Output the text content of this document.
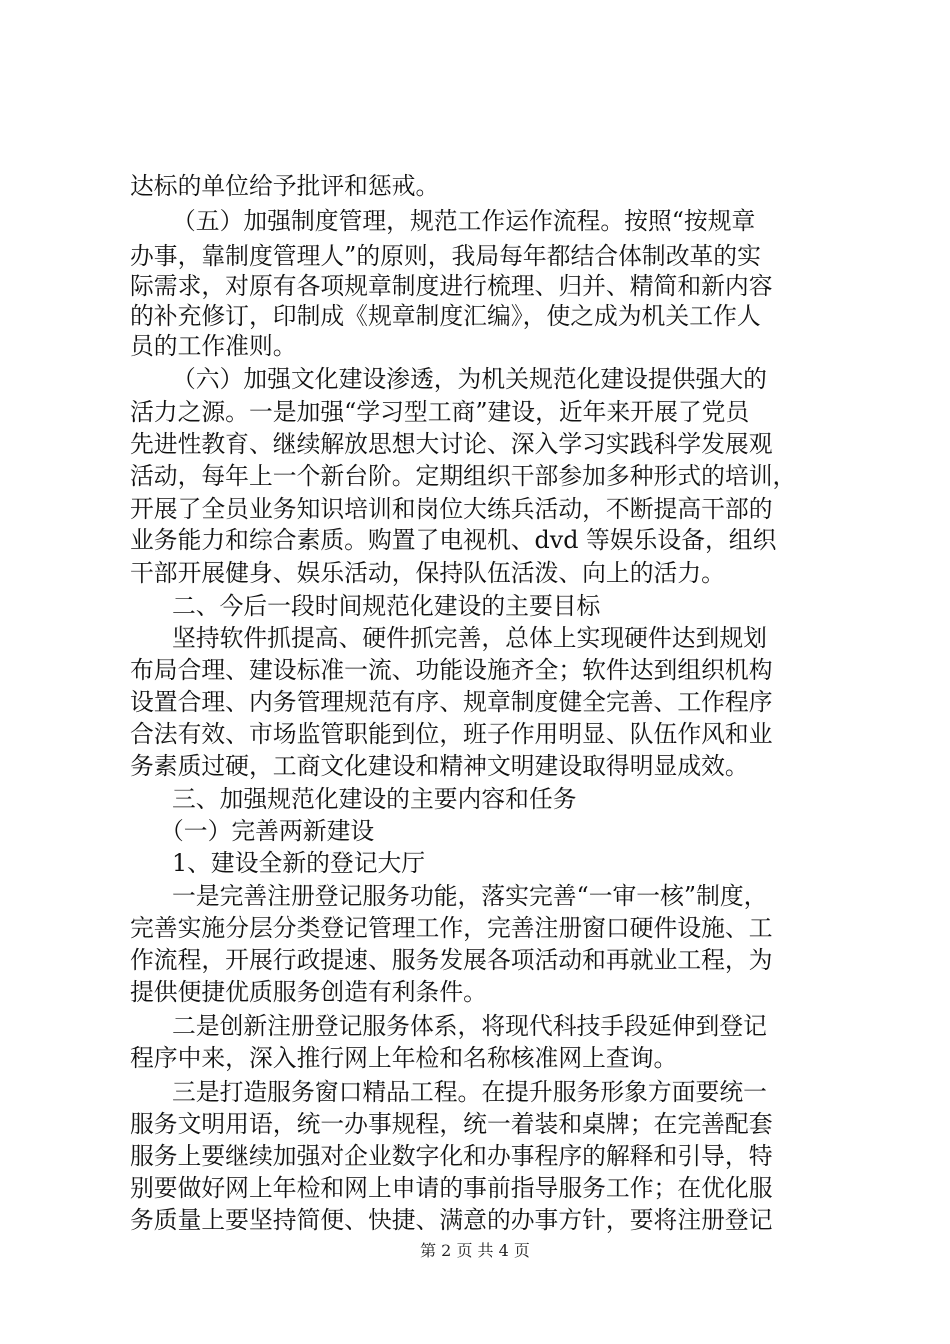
达标的单位给予批评和惩戒。
（五）加强制度管理，规范工作运作流程。按照“按规章
办事，靠制度管理人”的原则，我局每年都结合体制改革的实
际需求，对原有各项规章制度进行梳理、归并、精简和新内容
的补充修订，印制成《规章制度汇编》，使之成为机关工作人
员的工作准则。
（六）加强文化建设渗透，为机关规范化建设提供强大的
活力之源。一是加强“学习型工商”建设，近年来开展了党员
先进性教育、继续解放思想大讨论、深入学习实践科学发展观
活动，每年上一个新台阶。定期组织干部参加多种形式的培训，
开展了全员业务知识培训和岗位大练兵活动，不断提高干部的
业务能力和综合素质。购置了电视机、dvd 等娱乐设备，组织
干部开展健身、娱乐活动，保持队伍活泼、向上的活力。
二、今后一段时间规范化建设的主要目标
坚持软件抓提高、硬件抓完善，总体上实现硬件达到规划
布局合理、建设标准一流、功能设施齐全；软件达到组织机构
设置合理、内务管理规范有序、规章制度健全完善、工作程序
合法有效、市场监管职能到位，班子作用明显、队伍作风和业
务素质过硬，工商文化建设和精神文明建设取得明显成效。
三、加强规范化建设的主要内容和任务
（一）完善两新建设
1、建设全新的登记大厅
一是完善注册登记服务功能，落实完善“一审一核”制度，
完善实施分层分类登记管理工作，完善注册窗口硬件设施、工
作流程，开展行政提速、服务发展各项活动和再就业工程，为
提供便捷优质服务创造有利条件。
二是创新注册登记服务体系，将现代科技手段延伸到登记
程序中来，深入推行网上年检和名称核准网上查询。
三是打造服务窗口精品工程。在提升服务形象方面要统一
服务文明用语，统一办事规程，统一着装和桌牌；在完善配套
服务上要继续加强对企业数字化和办事程序的解释和引导，特
别要做好网上年检和网上申请的事前指导服务工作；在优化服
务质量上要坚持简便、快捷、满意的办事方针，要将注册登记
第 2 页 共 4 页
